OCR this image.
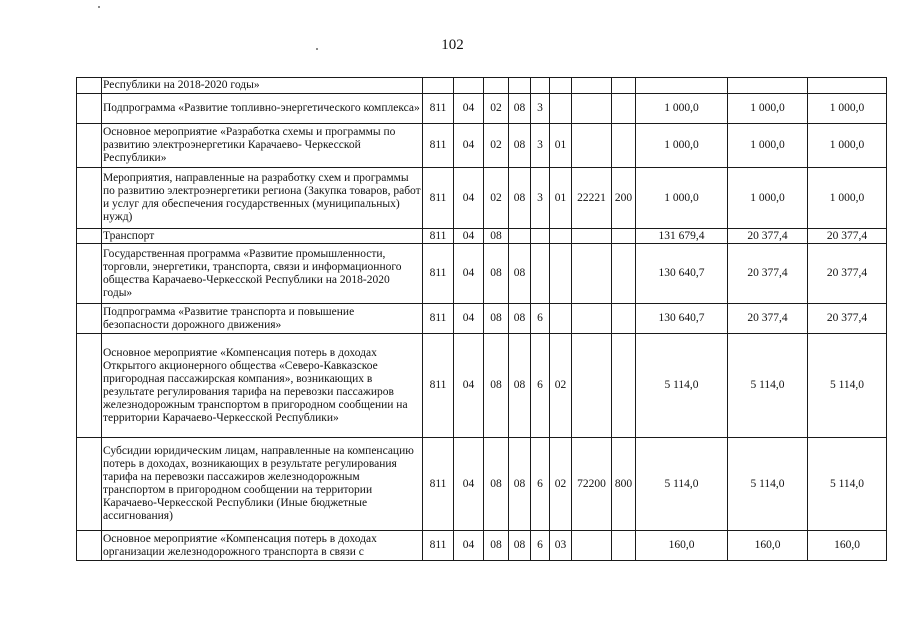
102
	Республики на 2018-2020 годы»											
	Подпрограмма «Развитие топливно-энергетического комплекса»	811	04	02	08	3				1 000,0	1 000,0	1 000,0
	Основное мероприятие «Разработка схемы и программы по развитию электроэнергетики Карачаево- Черкесской Республики»	811	04	02	08	3	01			1 000,0	1 000,0	1 000,0
	Мероприятия, направленные на разработку схем и программы по развитию электроэнергетики региона (Закупка товаров, работ и услуг для обеспечения государственных (муниципальных) нужд)	811	04	02	08	3	01	22221	200	1 000,0	1 000,0	1 000,0
	Транспорт	811	04	08						131 679,4	20 377,4	20 377,4
	Государственная программа «Развитие промышленности, торговли, энергетики, транспорта, связи и информационного общества Карачаево-Черкесской Республики на 2018-2020 годы»	811	04	08	08					130 640,7	20 377,4	20 377,4
	Подпрограмма «Развитие транспорта и повышение безопасности дорожного движения»	811	04	08	08	6				130 640,7	20 377,4	20 377,4
	Основное мероприятие «Компенсация потерь в доходах Открытого акционерного общества «Северо-Кавказское пригородная пассажирская компания», возникающих в результате регулирования тарифа на перевозки пассажиров железнодорожным транспортом в пригородном сообщении на территории Карачаево-Черкесской Республики»	811	04	08	08	6	02			5 114,0	5 114,0	5 114,0
	Субсидии юридическим лицам, направленные на компенсацию потерь в доходах, возникающих в результате регулирования тарифа на перевозки пассажиров железнодорожным транспортом в пригородном сообщении на территории Карачаево-Черкесской Республики (Иные бюджетные ассигнования)	811	04	08	08	6	02	72200	800	5 114,0	5 114,0	5 114,0
	Основное мероприятие «Компенсация потерь в доходах организации железнодорожного транспорта в связи с	811	04	08	08	6	03			160,0	160,0	160,0
